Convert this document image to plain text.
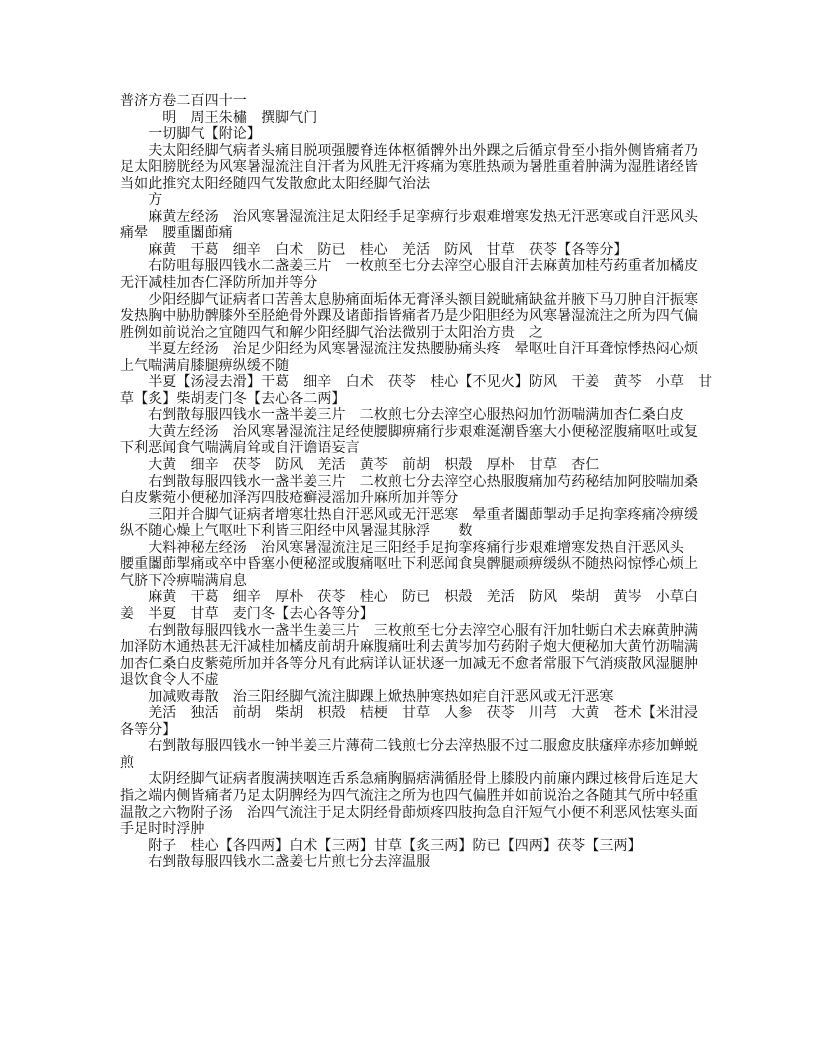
普济方卷二百四十一
　　　明　周王朱橚　撰脚气门
　　一切脚气【附论】
　　夫太阳经脚气病者头痛目脱项强腰脊连体枢循髀外出外踝之后循京骨至小指外侧皆痛者乃
足太阳膀胱经为风寒暑湿流注自汗者为风胜无汗疼痛为寒胜热顽为暑胜重着肿满为湿胜诸经皆
当如此推究太阳经随四气发散愈此太阳经脚气治法
　　方
　　麻黄左经汤　治风寒暑湿流注足太阳经手足挛痹行步艰难增寒发热无汗恶寒或自汗恶风头
痛晕　腰重闟莭痛
　　麻黄　干葛　细辛　白术　防已　桂心　羌活　防风　甘草　茯苓【各等分】
　　右防咀每服四钱水二盏姜三片　一枚煎至七分去滓空心服自汗去麻黄加桂芍药重者加橘皮
无汗减桂加杏仁泽防所加并等分
　　少阳经脚气证病者口苦善太息胁痛面垢体无膏泽头额目鋭眦痛缺盆并腋下马刀肿自汗振寒
发热胸中胁肋髀膝外至胫絶骨外踝及诸莭指皆痛者乃是少阳胆经为风寒暑湿流注之所为四气偏
胜例如前说治之宜随四气和解少阳经脚气治法微别于太阳治方贵　之
　　半夏左经汤　治足少阳经为风寒暑湿流注发热腰胁痛头疼　晕呕吐自汗耳聋惊悸热闷心烦
上气喘满肩膝腿痹纵缓不随
　　半夏【汤浸去滑】干葛　细辛　白术　茯苓　桂心【不见火】防风　干姜　黄芩　小草　甘
草【炙】柴胡麦门冬【去心各二两】
　　右剉散每服四钱水一盏半姜三片　二枚煎七分去滓空心服热闷加竹沥喘满加杏仁桑白皮
　　大黄左经汤　治风寒暑湿流注足经使腰脚痹痛行步艰难涎潮昏塞大小便秘涩腹痛呕吐或复
下利恶闻食气喘满肩耸或自汗谵语妄言
　　大黄　细辛　茯苓　防风　羌活　黄芩　前胡　枳殻　厚朴　甘草　杏仁
　　右剉散每服四钱水一盏半姜三片　二枚煎七分去滓空心热服腹痛加芍药秘结加阿胶喘加桑
白皮紫菀小便秘加泽泻四肢疮癣浸滛加升麻所加并等分
　　三阳并合脚气证病者增寒壮热自汗恶风或无汗恶寒　晕重者闟莭掣动手足拘挛疼痛冷痹缓
纵不随心燥上气呕吐下利皆三阳经中风暑湿其脉浮　　数
　　大料神秘左经汤　治风寒暑湿流注足三阳经手足拘挛疼痛行步艰难增寒发热自汗恶风头
腰重闟莭掣痛或卒中昏塞小便秘涩或腹痛呕吐下利恶闻食臭髀腿顽痹缓纵不随热闷惊悸心烦上
气脐下冷痹喘满肩息
　　麻黄　干葛　细辛　厚朴　茯苓　桂心　防已　枳殻　羌活　防风　柴胡　黄岑　小草白
姜　半夏　甘草　麦门冬【去心各等分】
　　右剉散每服四钱水一盏半生姜三片　三枚煎至七分去滓空心服有汗加牡蛎白术去麻黄肿满
加泽防木通热甚无汗减桂加橘皮前胡升麻腹痛吐利去黄岑加芍药附子炮大便秘加大黄竹沥喘满
加杏仁桑白皮紫菀所加并各等分凡有此病详认证状逐一加减无不愈者常服下气消痰散风湿腿肿
退饮食令人不虚
　　加减败毒散　治三阳经脚气流注脚踝上焮热肿寒热如疟自汗恶风或无汗恶寒
　　羌活　独活　前胡　柴胡　枳殻　桔梗　甘草　人参　茯苓　川芎　大黄　苍术【米泔浸
各等分】
　　右剉散每服四钱水一钟半姜三片薄荷二钱煎七分去滓热服不过二服愈皮肤瘙痒赤疹加蝉蜕
煎
　　太阴经脚气证病者腹满挟咽连舌系急痛胸膈痞满循胫骨上膝股内前廉内踝过核骨后连足大
指之端内侧皆痛者乃足太阴脾经为四气流注之所为也四气偏胜并如前说治之各随其气所中轻重
温散之六物附子汤　治四气流注于足太阴经骨莭烦疼四肢拘急自汗短气小便不利恶风怯寒头面
手足时时浮肿
　　附子　桂心【各四两】白术【三两】甘草【炙三两】防已【四两】茯苓【三两】
　　右剉散每服四钱水二盏姜七片煎七分去滓温服
